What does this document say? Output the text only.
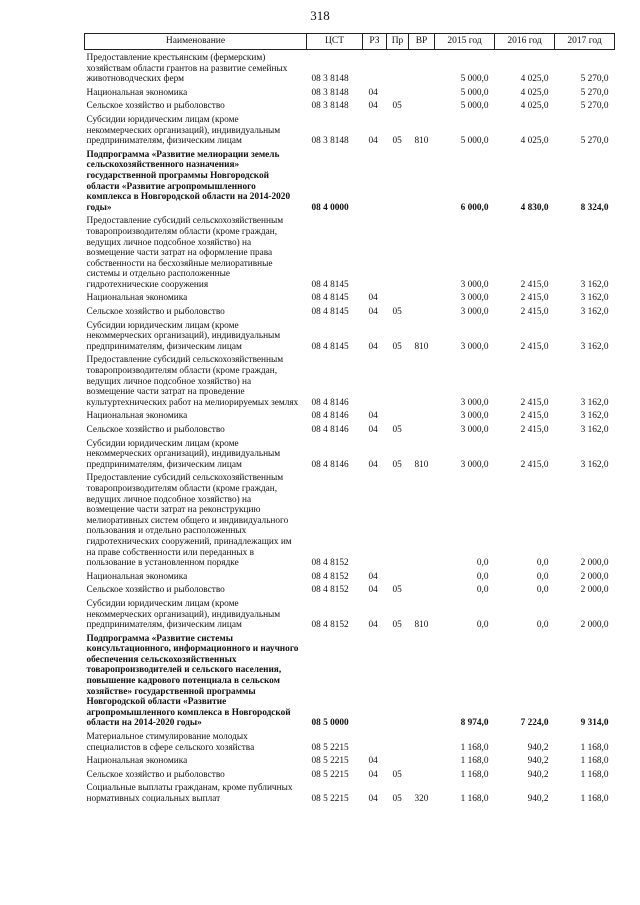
318
Наименование	ЦСТ	РЗ	Пр	ВР	2015 год	2016 год	2017 год
Предоставление крестьянским (фермерским) хозяйствам области грантов на развитие семейных животноводческих ферм	08 3 8148				5 000,0	4 025,0	5 270,0
Национальная экономика	08 3 8148	04			5 000,0	4 025,0	5 270,0
Сельское хозяйство и рыболовство	08 3 8148	04	05		5 000,0	4 025,0	5 270,0
Субсидии юридическим лицам (кроме некоммерческих организаций), индивидуальным предпринимателям, физическим лицам	08 3 8148	04	05	810	5 000,0	4 025,0	5 270,0
Подпрограмма «Развитие мелиорации земель сельскохозяйственного назначения» государственной программы Новгородской области «Развитие агропромышленного комплекса в Новгородской области на 2014-2020 годы»	08 4 0000				6 000,0	4 830,0	8 324,0
Предоставление субсидий сельскохозяйственным товаропроизводителям области (кроме граждан, ведущих личное подсобное хозяйство) на возмещение части затрат на оформление права собственности на бесхозяйные мелиоративные системы и отдельно расположенные гидротехнические сооружения	08 4 8145				3 000,0	2 415,0	3 162,0
Национальная экономика	08 4 8145	04			3 000,0	2 415,0	3 162,0
Сельское хозяйство и рыболовство	08 4 8145	04	05		3 000,0	2 415,0	3 162,0
Субсидии юридическим лицам (кроме некоммерческих организаций), индивидуальным предпринимателям, физическим лицам	08 4 8145	04	05	810	3 000,0	2 415,0	3 162,0
Предоставление субсидий сельскохозяйственным товаропроизводителям области (кроме граждан, ведущих личное подсобное хозяйство) на возмещение части затрат на проведение культуртехнических работ на мелиорируемых землях	08 4 8146				3 000,0	2 415,0	3 162,0
Национальная экономика	08 4 8146	04			3 000,0	2 415,0	3 162,0
Сельское хозяйство и рыболовство	08 4 8146	04	05		3 000,0	2 415,0	3 162,0
Субсидии юридическим лицам (кроме некоммерческих организаций), индивидуальным предпринимателям, физическим лицам	08 4 8146	04	05	810	3 000,0	2 415,0	3 162,0
Предоставление субсидий сельскохозяйственным товаропроизводителям области (кроме граждан, ведущих личное подсобное хозяйство) на возмещение части затрат на реконструкцию мелиоративных систем общего и индивидуального пользования и отдельно расположенных гидротехнических сооружений, принадлежащих им на праве собственности или переданных в пользование в установленном порядке	08 4 8152				0,0	0,0	2 000,0
Национальная экономика	08 4 8152	04			0,0	0,0	2 000,0
Сельское хозяйство и рыболовство	08 4 8152	04	05		0,0	0,0	2 000,0
Субсидии юридическим лицам (кроме некоммерческих организаций), индивидуальным предпринимателям, физическим лицам	08 4 8152	04	05	810	0,0	0,0	2 000,0
Подпрограмма «Развитие системы консультационного, информационного и научного обеспечения сельскохозяйственных товаропроизводителей и сельского населения, повышение кадрового потенциала в сельском хозяйстве» государственной программы Новгородской области «Развитие агропромышленного комплекса в Новгородской области на 2014-2020 годы»	08 5 0000				8 974,0	7 224,0	9 314,0
Материальное стимулирование молодых специалистов в сфере сельского хозяйства	08 5 2215				1 168,0	940,2	1 168,0
Национальная экономика	08 5 2215	04			1 168,0	940,2	1 168,0
Сельское хозяйство и рыболовство	08 5 2215	04	05		1 168,0	940,2	1 168,0
Социальные выплаты гражданам, кроме публичных нормативных социальных выплат	08 5 2215	04	05	320	1 168,0	940,2	1 168,0
